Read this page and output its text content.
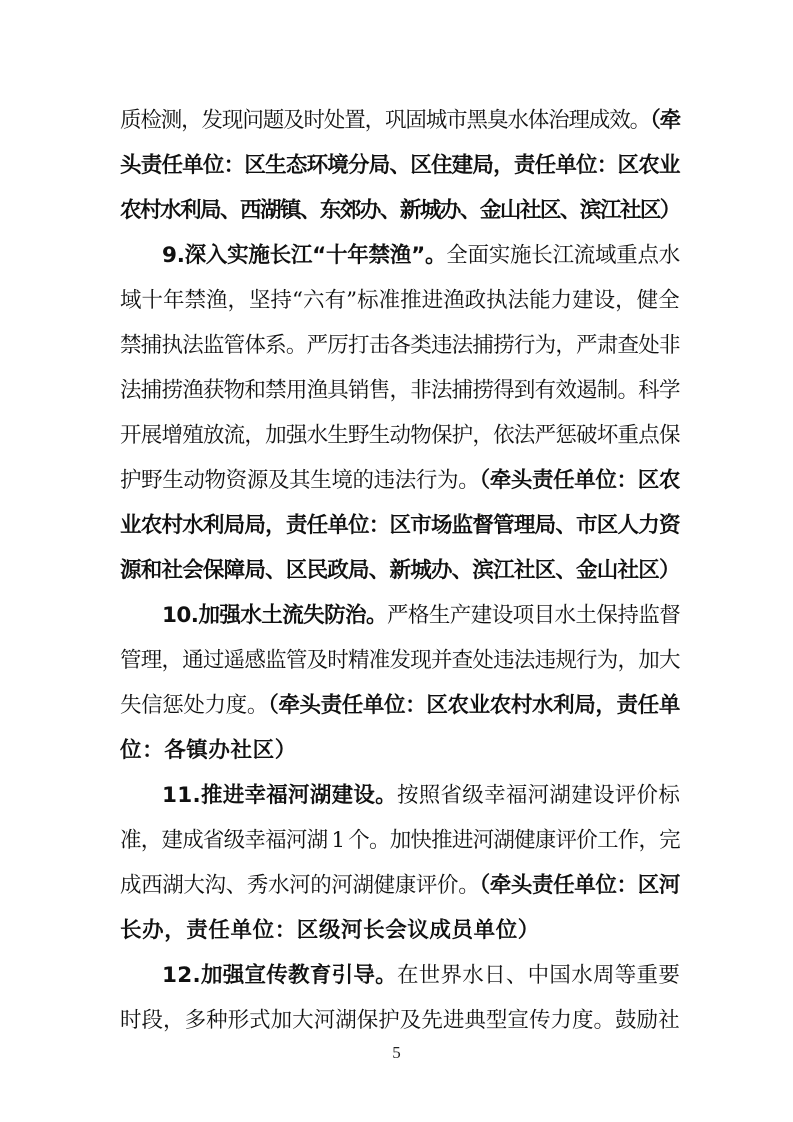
质检测，发现问题及时处置，巩固城市黑臭水体治理成效。（牵
头责任单位：区生态环境分局、区住建局，责任单位：区农业
农村水利局、西湖镇、东郊办、新城办、金山社区、滨江社区）
9.深入实施长江“十年禁渔”。全面实施长江流域重点水
域十年禁渔，坚持“六有”标准推进渔政执法能力建设，健全
禁捕执法监管体系。严厉打击各类违法捕捞行为，严肃查处非
法捕捞渔获物和禁用渔具销售，非法捕捞得到有效遏制。科学
开展增殖放流，加强水生野生动物保护，依法严惩破坏重点保
护野生动物资源及其生境的违法行为。（牵头责任单位：区农
业农村水利局局，责任单位：区市场监督管理局、市区人力资
源和社会保障局、区民政局、新城办、滨江社区、金山社区）
10.加强水土流失防治。严格生产建设项目水土保持监督
管理，通过遥感监管及时精准发现并查处违法违规行为，加大
失信惩处力度。（牵头责任单位：区农业农村水利局，责任单
位：各镇办社区）
11.推进幸福河湖建设。按照省级幸福河湖建设评价标
准，建成省级幸福河湖 1 个。加快推进河湖健康评价工作，完
成西湖大沟、秀水河的河湖健康评价。（牵头责任单位：区河
长办，责任单位：区级河长会议成员单位）
12.加强宣传教育引导。在世界水日、中国水周等重要
时段，多种形式加大河湖保护及先进典型宣传力度。鼓励社
5
